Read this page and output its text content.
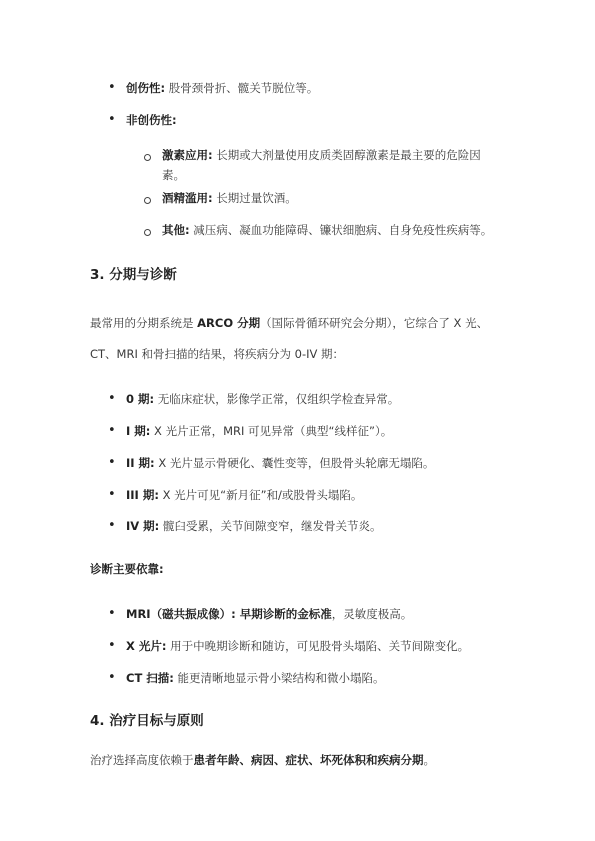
• 创伤性: 股骨颈骨折、髋关节脱位等。
• 非创伤性:
激素应用: 长期或大剂量使用皮质类固醇激素是最主要的危险因
素。
酒精滥用: 长期过量饮酒。
其他: 减压病、凝血功能障碍、镰状细胞病、自身免疫性疾病等。
3. 分期与诊断
最常用的分期系统是 ARCO 分期（国际骨循环研究会分期），它综合了 X 光、
CT、MRI 和骨扫描的结果，将疾病分为 0-IV 期：
• 0 期: 无临床症状，影像学正常，仅组织学检查异常。
• I 期: X 光片正常，MRI 可见异常（典型“线样征”）。
• II 期: X 光片显示骨硬化、囊性变等，但股骨头轮廓无塌陷。
• III 期: X 光片可见“新月征”和/或股骨头塌陷。
• IV 期: 髋臼受累，关节间隙变窄，继发骨关节炎。
诊断主要依靠:
• MRI（磁共振成像）: 早期诊断的金标准，灵敏度极高。
• X 光片: 用于中晚期诊断和随访，可见股骨头塌陷、关节间隙变化。
• CT 扫描: 能更清晰地显示骨小梁结构和微小塌陷。
4. 治疗目标与原则
治疗选择高度依赖于患者年龄、病因、症状、坏死体积和疾病分期。
